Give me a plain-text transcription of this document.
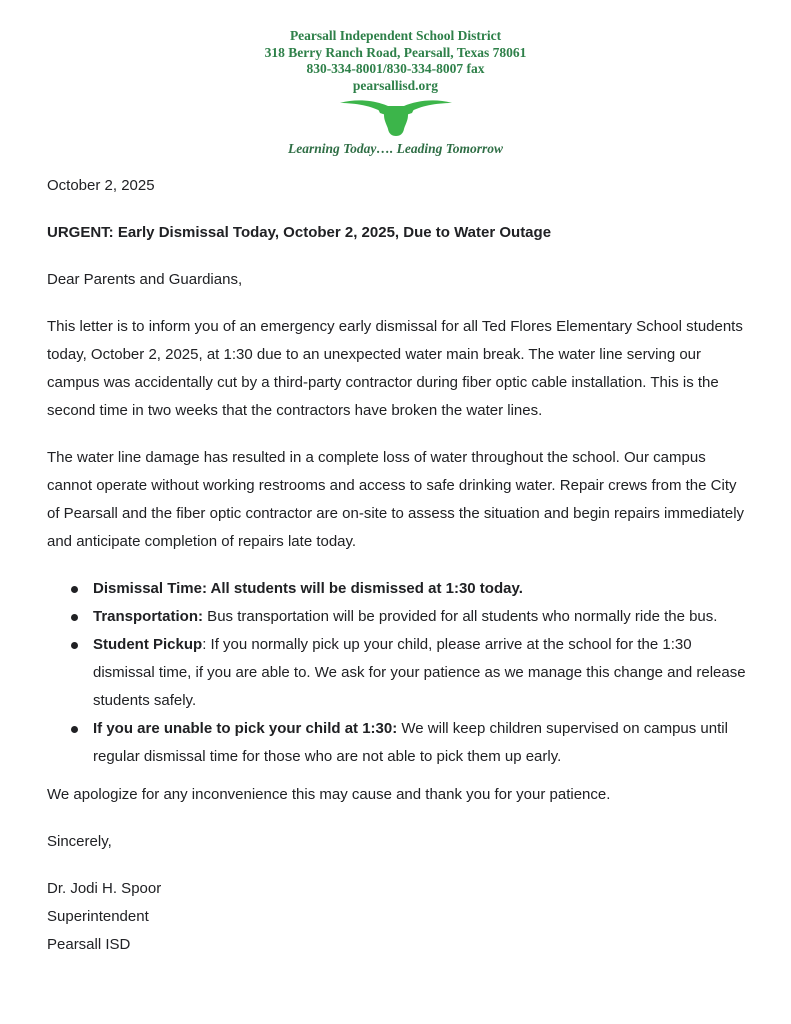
Pearsall Independent School District
318 Berry Ranch Road, Pearsall, Texas 78061
830-334-8001/830-334-8007 fax
pearsallisd.org
Learning Today…. Leading Tomorrow

October 2, 2025

URGENT: Early Dismissal Today, October 2, 2025, Due to Water Outage

Dear Parents and Guardians,

This letter is to inform you of an emergency early dismissal for all Ted Flores Elementary School students today, October 2, 2025, at 1:30 due to an unexpected water main break. The water line serving our campus was accidentally cut by a third-party contractor during fiber optic cable installation. This is the second time in two weeks that the contractors have broken the water lines.

The water line damage has resulted in a complete loss of water throughout the school. Our campus cannot operate without working restrooms and access to safe drinking water. Repair crews from the City of Pearsall and the fiber optic contractor are on-site to assess the situation and begin repairs immediately and anticipate completion of repairs late today.

Dismissal Time: All students will be dismissed at 1:30 today.
Transportation: Bus transportation will be provided for all students who normally ride the bus.
Student Pickup: If you normally pick up your child, please arrive at the school for the 1:30 dismissal time, if you are able to. We ask for your patience as we manage this change and release students safely.
If you are unable to pick your child at 1:30: We will keep children supervised on campus until regular dismissal time for those who are not able to pick them up early.

We apologize for any inconvenience this may cause and thank you for your patience.

Sincerely,

Dr. Jodi H. Spoor

Superintendent

Pearsall ISD
